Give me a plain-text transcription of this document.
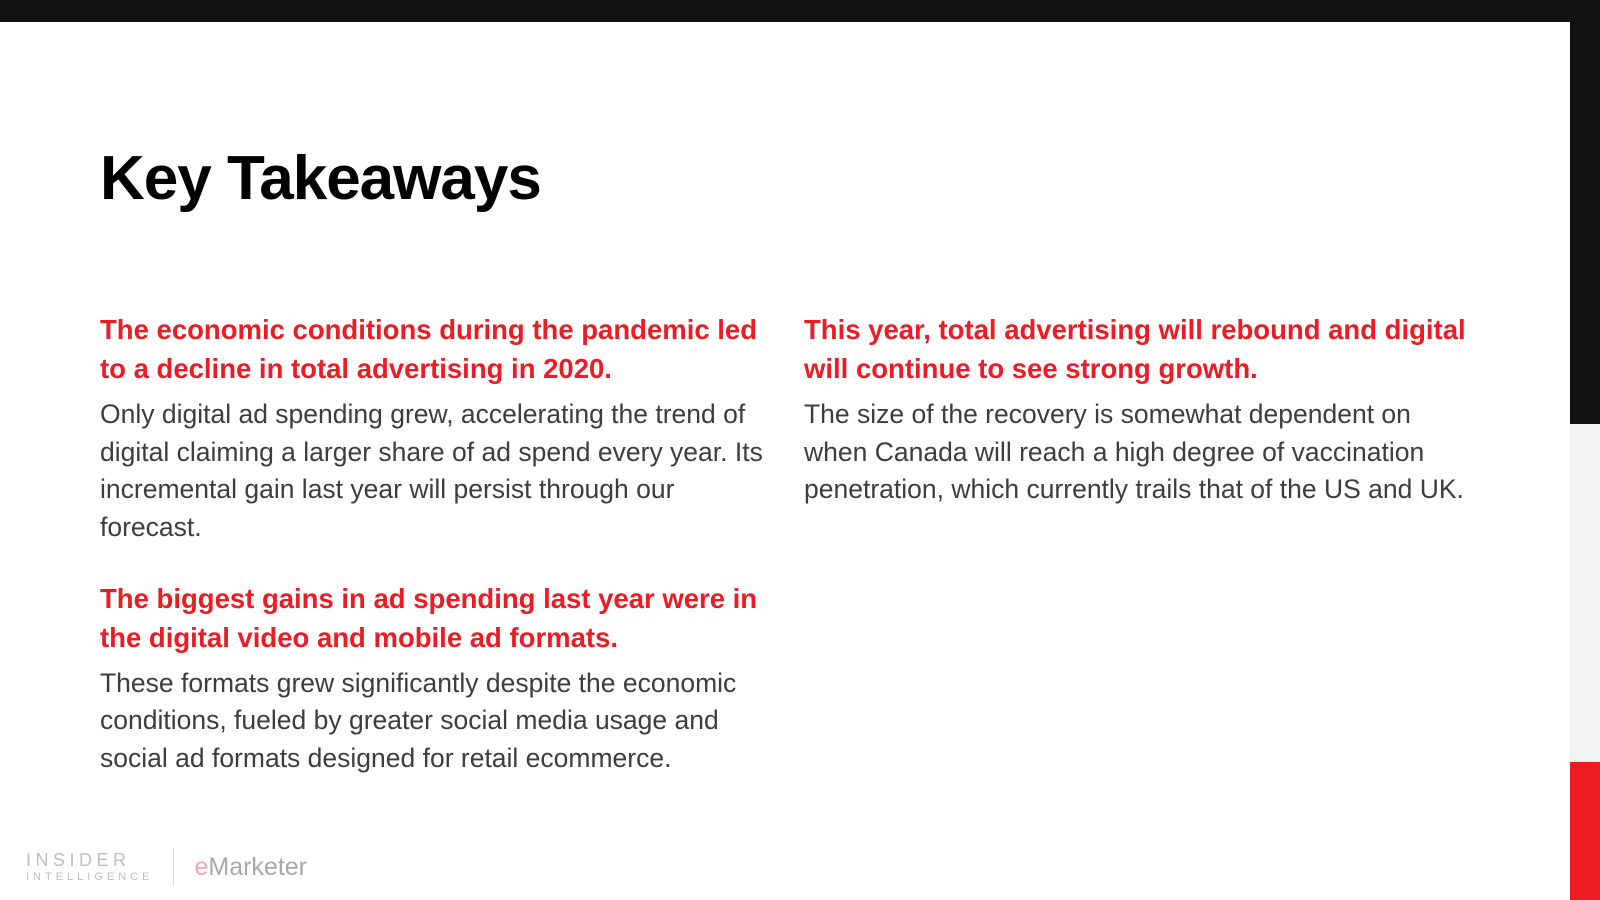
Key Takeaways

The economic conditions during the pandemic led to a decline in total advertising in 2020.

Only digital ad spending grew, accelerating the trend of digital claiming a larger share of ad spend every year. Its incremental gain last year will persist through our forecast.

The biggest gains in ad spending last year were in the digital video and mobile ad formats.

These formats grew significantly despite the economic conditions, fueled by greater social media usage and social ad formats designed for retail ecommerce.

This year, total advertising will rebound and digital will continue to see strong growth.

The size of the recovery is somewhat dependent on when Canada will reach a high degree of vaccination penetration, which currently trails that of the US and UK.

INSIDER
INTELLIGENCE eMarketer
